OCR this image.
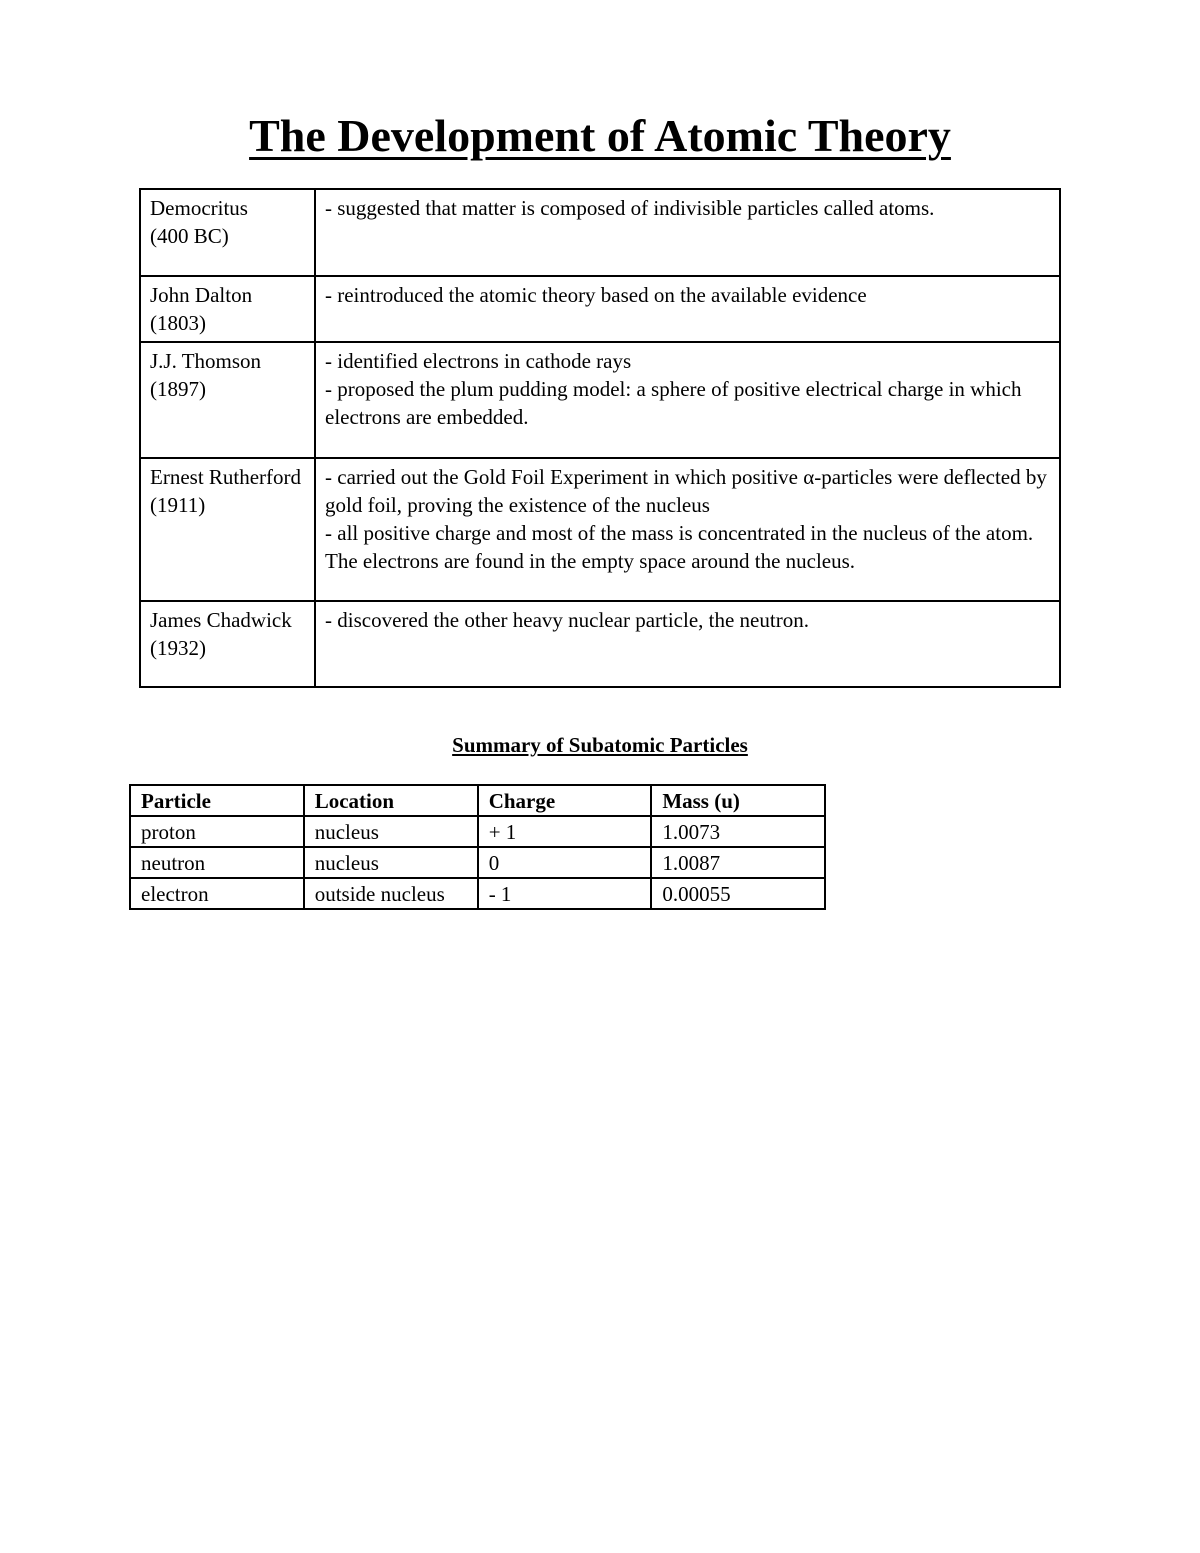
The Development of Atomic Theory
Democritus
(400 BC)	- suggested that matter is composed of indivisible particles called atoms.

John Dalton
(1803)	- reintroduced the atomic theory based on the available evidence

J.J. Thomson
(1897)	- identified electrons in cathode rays
- proposed the plum pudding model: a sphere of positive electrical charge in which electrons are embedded.

Ernest Rutherford
(1911)	- carried out the Gold Foil Experiment in which positive α-particles were deflected by gold foil, proving the existence of the nucleus
- all positive charge and most of the mass is concentrated in the nucleus of the atom. The electrons are found in the empty space around the nucleus.

James Chadwick
(1932)	- discovered the other heavy nuclear particle, the neutron.
Summary of Subatomic Particles
Particle	Location	Charge	Mass (u)
proton	nucleus	+ 1	1.0073
neutron	nucleus	0	1.0087
electron	outside nucleus	- 1	0.00055
